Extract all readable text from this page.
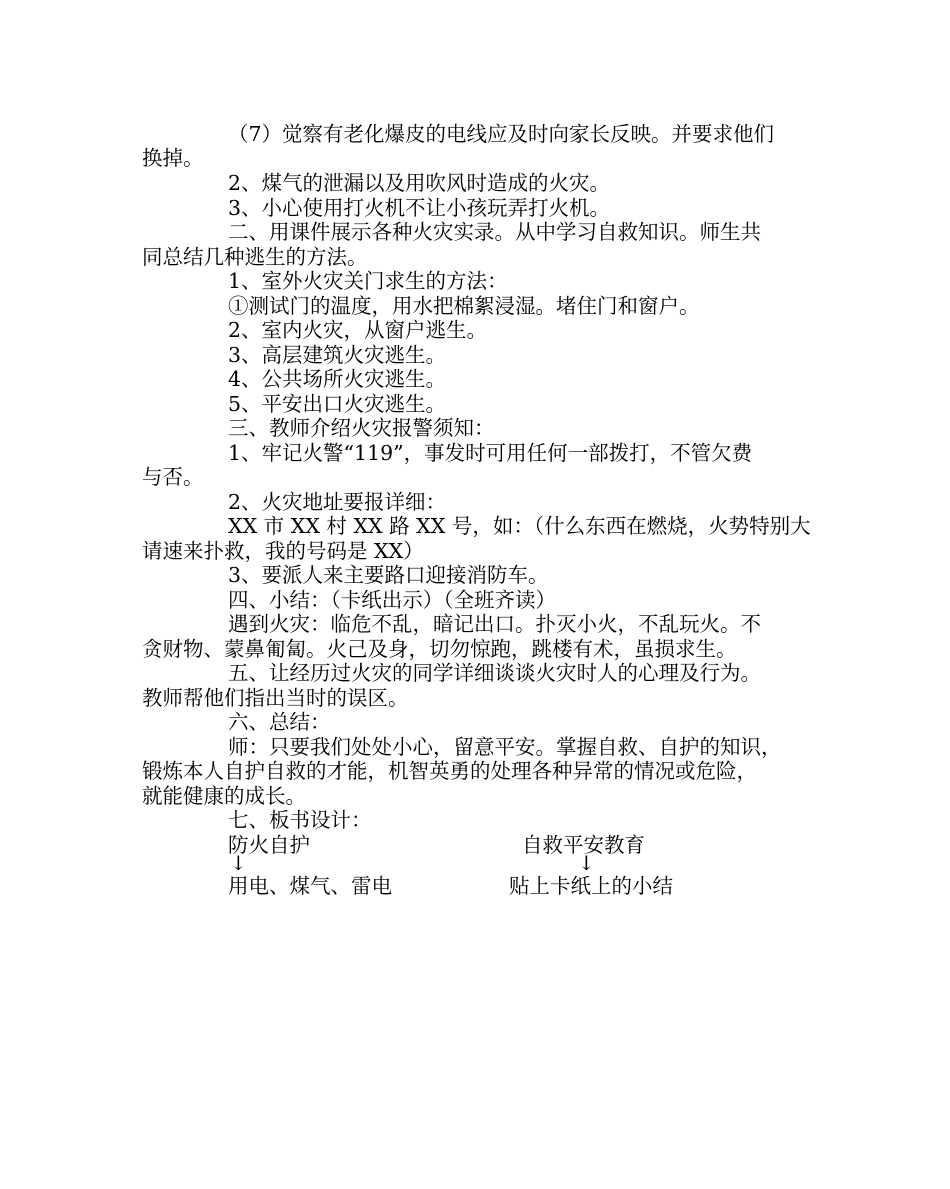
（7）觉察有老化爆皮的电线应及时向家长反映。并要求他们
换掉。
2、煤气的泄漏以及用吹风时造成的火灾。
3、小心使用打火机不让小孩玩弄打火机。
二、用课件展示各种火灾实录。从中学习自救知识。师生共
同总结几种逃生的方法。
1、室外火灾关门求生的方法：
①测试门的温度，用水把棉絮浸湿。堵住门和窗户。
2、室内火灾，从窗户逃生。
3、高层建筑火灾逃生。
4、公共场所火灾逃生。
5、平安出口火灾逃生。
三、教师介绍火灾报警须知：
1、牢记火警“119”，事发时可用任何一部拨打，不管欠费
与否。
2、火灾地址要报详细：
XX 市 XX 村 XX 路 XX 号，如：（什么东西在燃烧，火势特别大
请速来扑救，我的号码是 XX）
3、要派人来主要路口迎接消防车。
四、小结：（卡纸出示）（全班齐读）
遇到火灾：临危不乱，暗记出口。扑灭小火，不乱玩火。不
贪财物、蒙鼻匍匐。火己及身，切勿惊跑，跳楼有术，虽损求生。
五、让经历过火灾的同学详细谈谈火灾时人的心理及行为。
教师帮他们指出当时的误区。
六、总结：
师：只要我们处处小心，留意平安。掌握自救、自护的知识，
锻炼本人自护自救的才能，机智英勇的处理各种异常的情况或危险，
就能健康的成长。
七、板书设计：
防火自护	自救平安教育
↓	↓
用电、煤气、雷电	贴上卡纸上的小结
